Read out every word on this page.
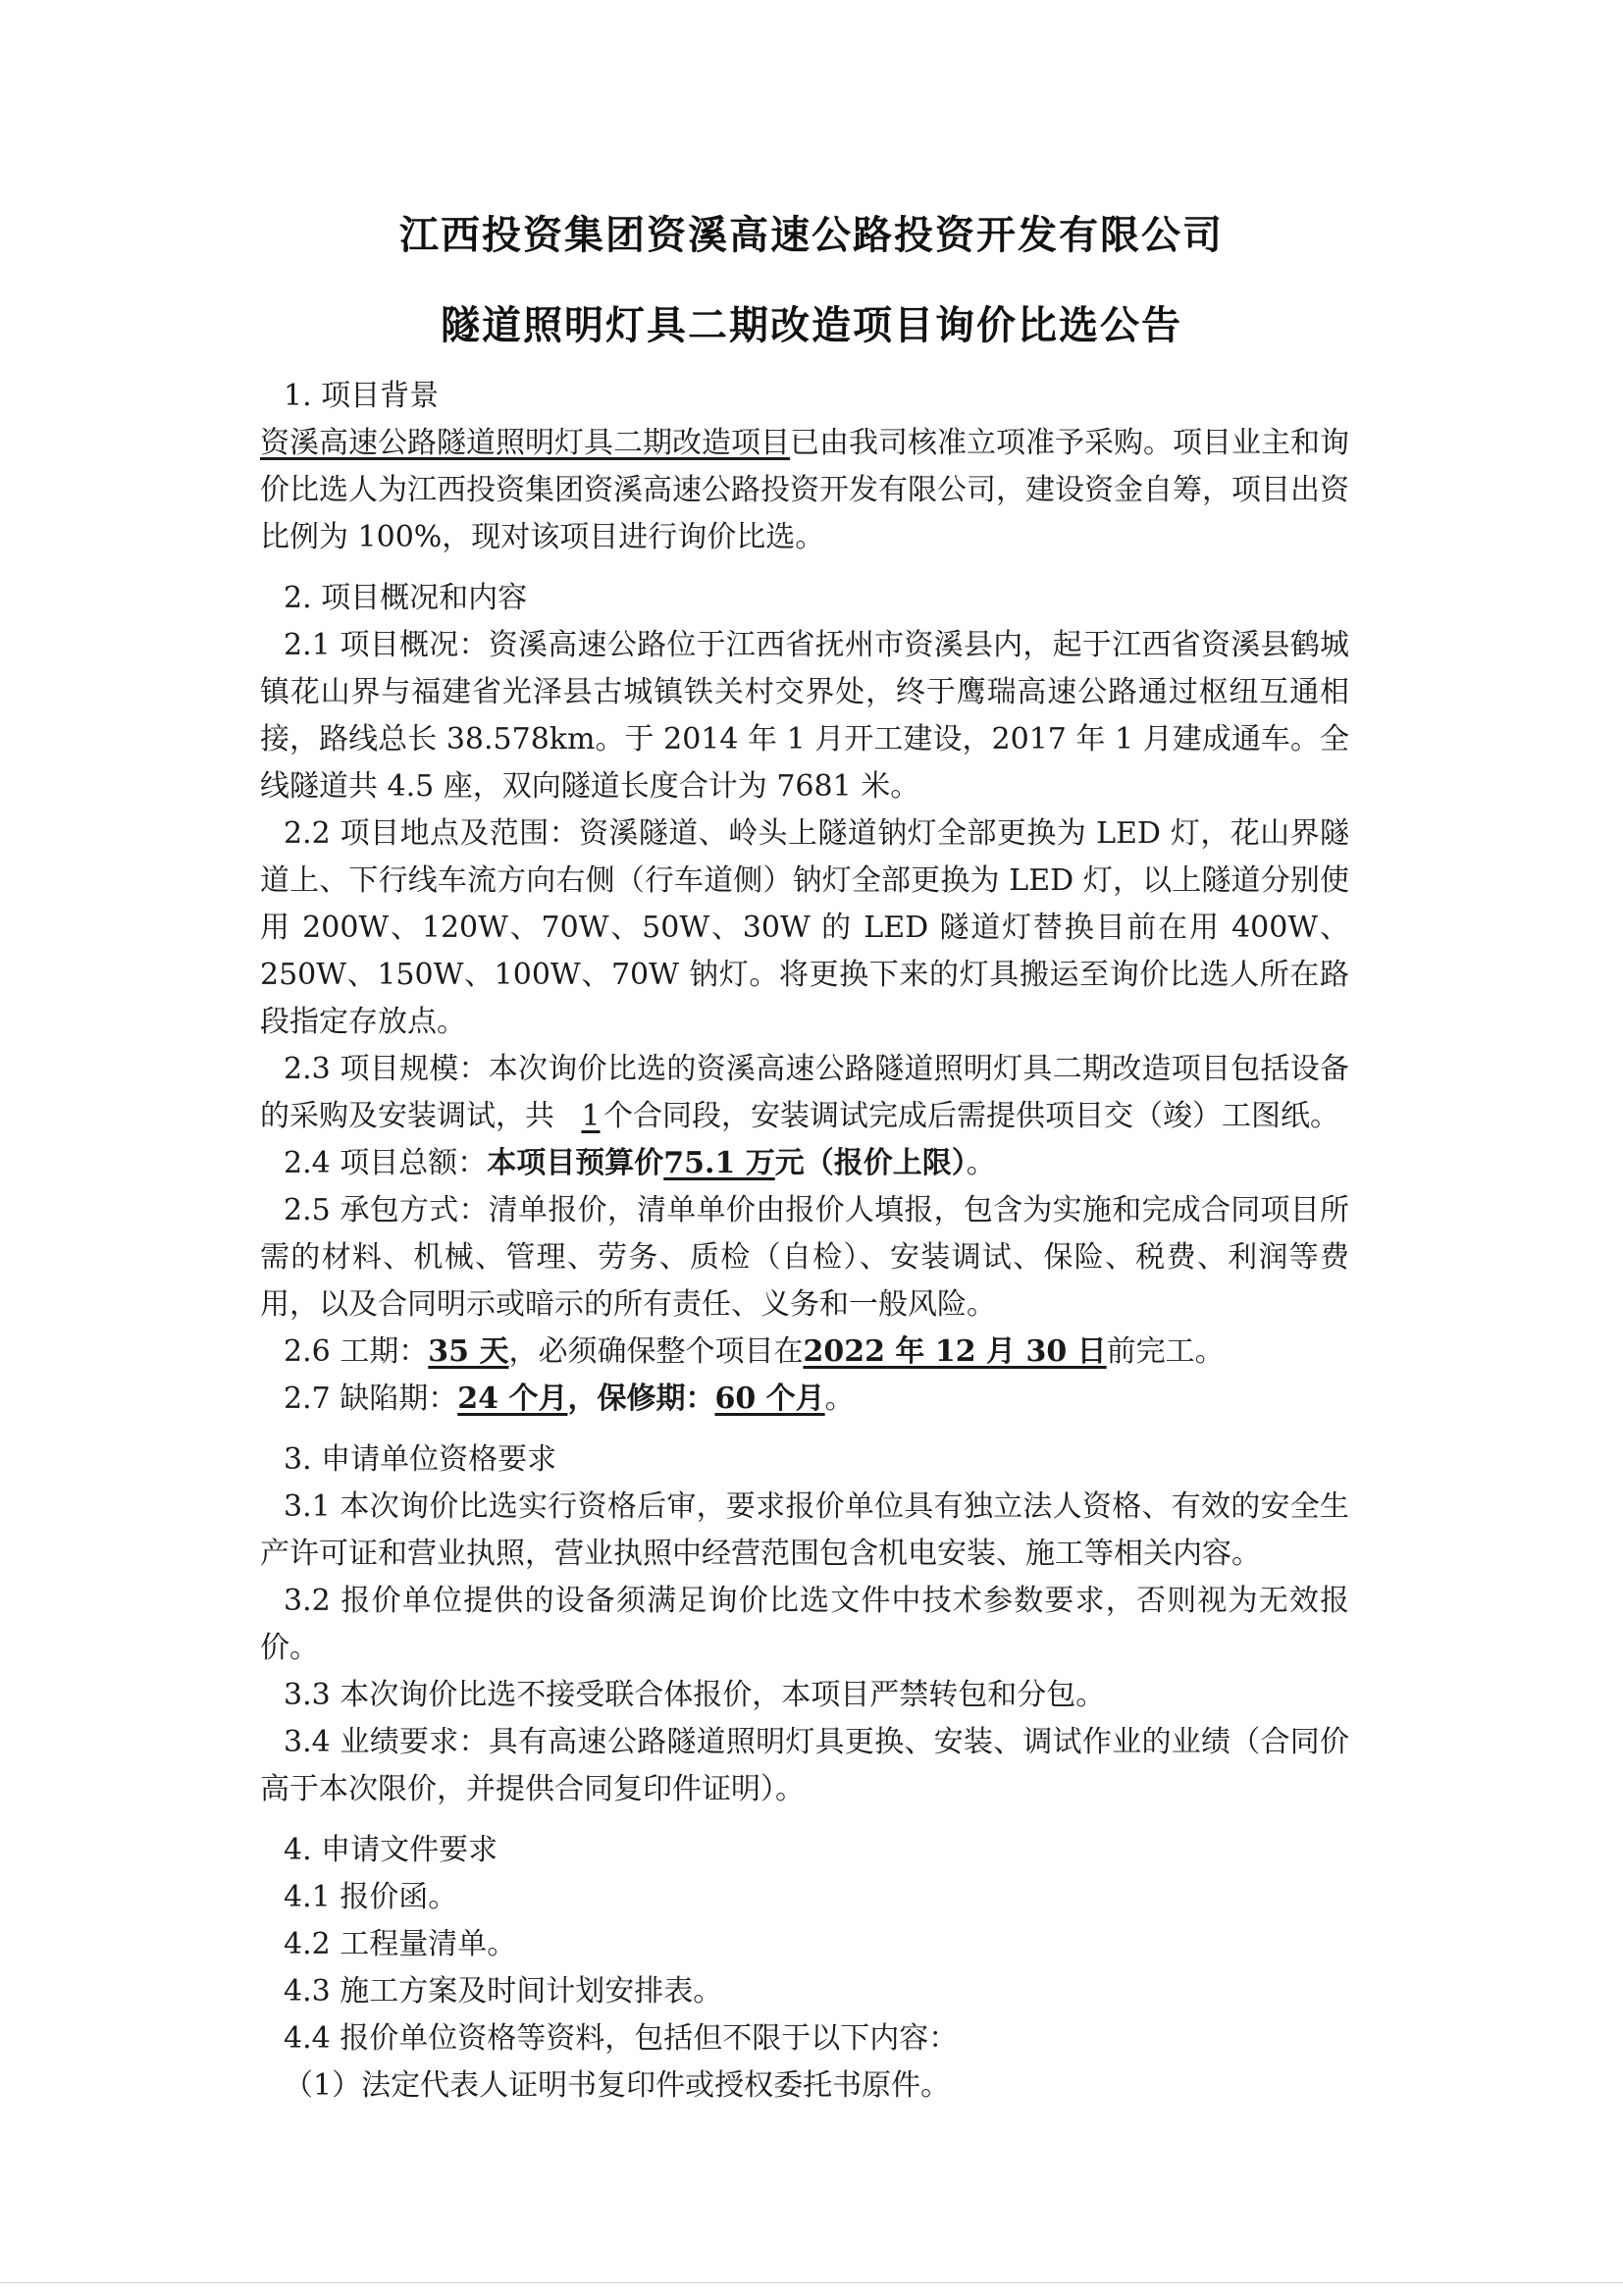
江西投资集团资溪高速公路投资开发有限公司
隧道照明灯具二期改造项目询价比选公告

1. 项目背景

资溪高速公路隧道照明灯具二期改造项目已由我司核准立项准予采购。项目业主和询价比选人为江西投资集团资溪高速公路投资开发有限公司，建设资金自筹，项目出资比例为 100%，现对该项目进行询价比选。

2. 项目概况和内容

2.1 项目概况：资溪高速公路位于江西省抚州市资溪县内，起于江西省资溪县鹤城镇花山界与福建省光泽县古城镇铁关村交界处，终于鹰瑞高速公路通过枢纽互通相接，路线总长 38.578km。于 2014 年 1 月开工建设，2017 年 1 月建成通车。全线隧道共 4.5 座，双向隧道长度合计为 7681 米。

2.2 项目地点及范围：资溪隧道、岭头上隧道钠灯全部更换为 LED 灯，花山界隧道上、下行线车流方向右侧（行车道侧）钠灯全部更换为 LED 灯，以上隧道分别使用 200W、120W、70W、50W、30W 的 LED 隧道灯替换目前在用 400W、250W、150W、100W、70W 钠灯。将更换下来的灯具搬运至询价比选人所在路段指定存放点。

2.3 项目规模：本次询价比选的资溪高速公路隧道照明灯具二期改造项目包括设备的采购及安装调试，共 1 个合同段，安装调试完成后需提供项目交（竣）工图纸。

2.4 项目总额：本项目预算价75.1 万元（报价上限）。

2.5 承包方式：清单报价，清单单价由报价人填报，包含为实施和完成合同项目所需的材料、机械、管理、劳务、质检（自检）、安装调试、保险、税费、利润等费用，以及合同明示或暗示的所有责任、义务和一般风险。

2.6 工期：35 天，必须确保整个项目在2022 年 12 月 30 日前完工。

2.7 缺陷期：24 个月，保修期：60 个月。

3. 申请单位资格要求

3.1 本次询价比选实行资格后审，要求报价单位具有独立法人资格、有效的安全生产许可证和营业执照，营业执照中经营范围包含机电安装、施工等相关内容。

3.2 报价单位提供的设备须满足询价比选文件中技术参数要求，否则视为无效报价。

3.3 本次询价比选不接受联合体报价，本项目严禁转包和分包。

3.4 业绩要求：具有高速公路隧道照明灯具更换、安装、调试作业的业绩（合同价高于本次限价，并提供合同复印件证明）。

4. 申请文件要求

4.1 报价函。

4.2 工程量清单。

4.3 施工方案及时间计划安排表。

4.4 报价单位资格等资料，包括但不限于以下内容：

（1）法定代表人证明书复印件或授权委托书原件。
